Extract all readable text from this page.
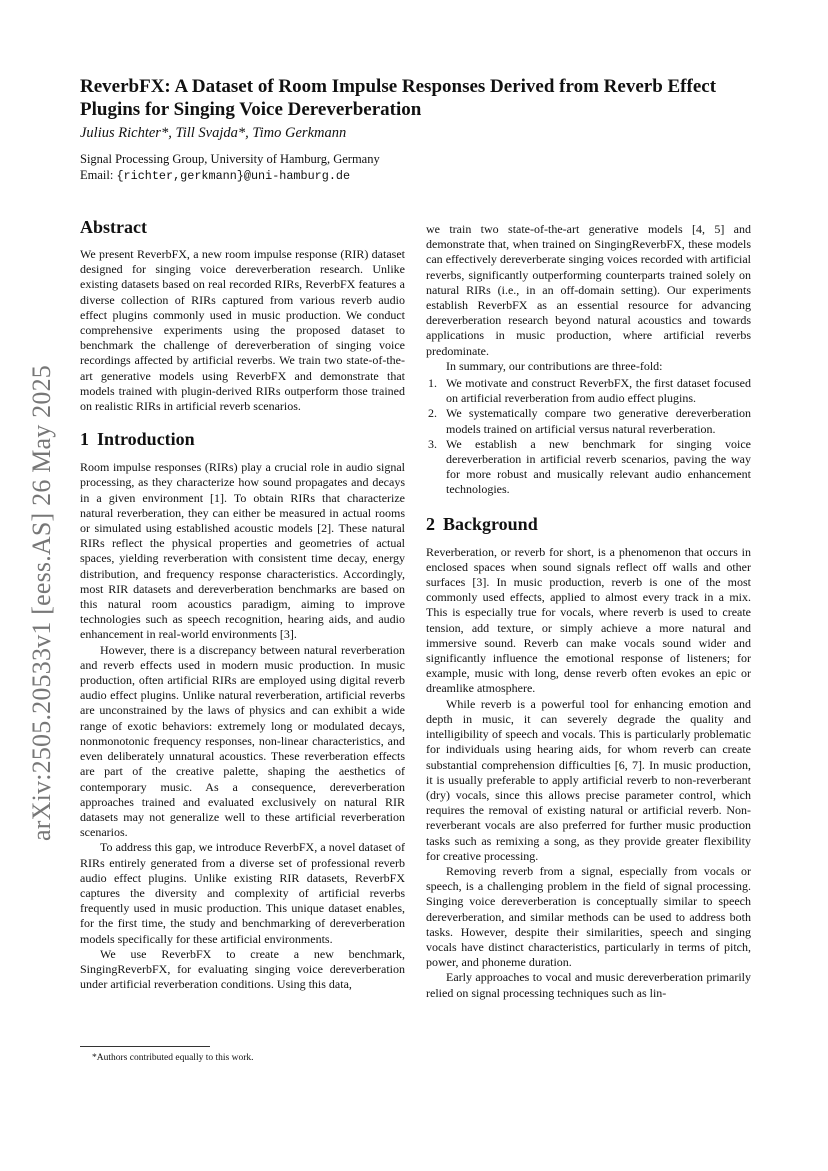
arXiv:2505.20533v1 [eess.AS] 26 May 2025
ReverbFX: A Dataset of Room Impulse Responses Derived from Reverb Effect Plugins for Singing Voice Dereverberation
Julius Richter*, Till Svajda*, Timo Gerkmann
Signal Processing Group, University of Hamburg, Germany
Email: {richter,gerkmann}@uni-hamburg.de
Abstract

We present ReverbFX, a new room impulse response (RIR) dataset designed for singing voice dereverberation research. Unlike existing datasets based on real recorded RIRs, ReverbFX features a diverse collection of RIRs captured from various reverb audio effect plugins commonly used in music production. We conduct comprehensive experiments using the proposed dataset to benchmark the challenge of dereverberation of singing voice recordings affected by artificial reverbs. We train two state-of-the-art generative models using ReverbFX and demonstrate that models trained with plugin-derived RIRs outperform those trained on realistic RIRs in artificial reverb scenarios.

1 Introduction

Room impulse responses (RIRs) play a crucial role in audio signal processing, as they characterize how sound propagates and decays in a given environment [1]. To obtain RIRs that characterize natural reverberation, they can either be measured in actual rooms or simulated using established acoustic models [2]. These natural RIRs reflect the physical properties and geometries of actual spaces, yielding reverberation with consistent time decay, energy distribution, and frequency response characteristics. Accordingly, most RIR datasets and dereverberation benchmarks are based on this natural room acoustics paradigm, aiming to improve technologies such as speech recognition, hearing aids, and audio enhancement in real-world environments [3].

However, there is a discrepancy between natural reverberation and reverb effects used in modern music production. In music production, often artificial RIRs are employed using digital reverb audio effect plugins. Unlike natural reverberation, artificial reverbs are unconstrained by the laws of physics and can exhibit a wide range of exotic behaviors: extremely long or modulated decays, nonmonotonic frequency responses, non-linear characteristics, and even deliberately unnatural acoustics. These reverberation effects are part of the creative palette, shaping the aesthetics of contemporary music. As a consequence, dereverberation approaches trained and evaluated exclusively on natural RIR datasets may not generalize well to these artificial reverberation scenarios.

To address this gap, we introduce ReverbFX, a novel dataset of RIRs entirely generated from a diverse set of professional reverb audio effect plugins. Unlike existing RIR datasets, ReverbFX captures the diversity and complexity of artificial reverbs frequently used in music production. This unique dataset enables, for the first time, the study and benchmarking of dereverberation models specifically for these artificial environments.

We use ReverbFX to create a new benchmark, SingingReverbFX, for evaluating singing voice dereverberation under artificial reverberation conditions. Using this data,

*Authors contributed equally to this work.

we train two state-of-the-art generative models [4, 5] and demonstrate that, when trained on SingingReverbFX, these models can effectively dereverberate singing voices recorded with artificial reverbs, significantly outperforming counterparts trained solely on natural RIRs (i.e., in an off-domain setting). Our experiments establish ReverbFX as an essential resource for advancing dereverberation research beyond natural acoustics and towards applications in music production, where artificial reverbs predominate.

In summary, our contributions are three-fold:

1. We motivate and construct ReverbFX, the first dataset focused on artificial reverberation from audio effect plugins.
2. We systematically compare two generative dereverberation models trained on artificial versus natural reverberation.
3. We establish a new benchmark for singing voice dereverberation in artificial reverb scenarios, paving the way for more robust and musically relevant audio enhancement technologies.
2 Background

Reverberation, or reverb for short, is a phenomenon that occurs in enclosed spaces when sound signals reflect off walls and other surfaces [3]. In music production, reverb is one of the most commonly used effects, applied to almost every track in a mix. This is especially true for vocals, where reverb is used to create tension, add texture, or simply achieve a more natural and immersive sound. Reverb can make vocals sound wider and significantly influence the emotional response of listeners; for example, music with long, dense reverb often evokes an epic or dreamlike atmosphere.

While reverb is a powerful tool for enhancing emotion and depth in music, it can severely degrade the quality and intelligibility of speech and vocals. This is particularly problematic for individuals using hearing aids, for whom reverb can create substantial comprehension difficulties [6, 7]. In music production, it is usually preferable to apply artificial reverb to non-reverberant (dry) vocals, since this allows precise parameter control, which requires the removal of existing natural or artificial reverb. Non-reverberant vocals are also preferred for further music production tasks such as remixing a song, as they provide greater flexibility for creative processing.

Removing reverb from a signal, especially from vocals or speech, is a challenging problem in the field of signal processing. Singing voice dereverberation is conceptually similar to speech dereverberation, and similar methods can be used to address both tasks. However, despite their similarities, speech and singing vocals have distinct characteristics, particularly in terms of pitch, power, and phoneme duration.

Early approaches to vocal and music dereverberation primarily relied on signal processing techniques such as lin-
